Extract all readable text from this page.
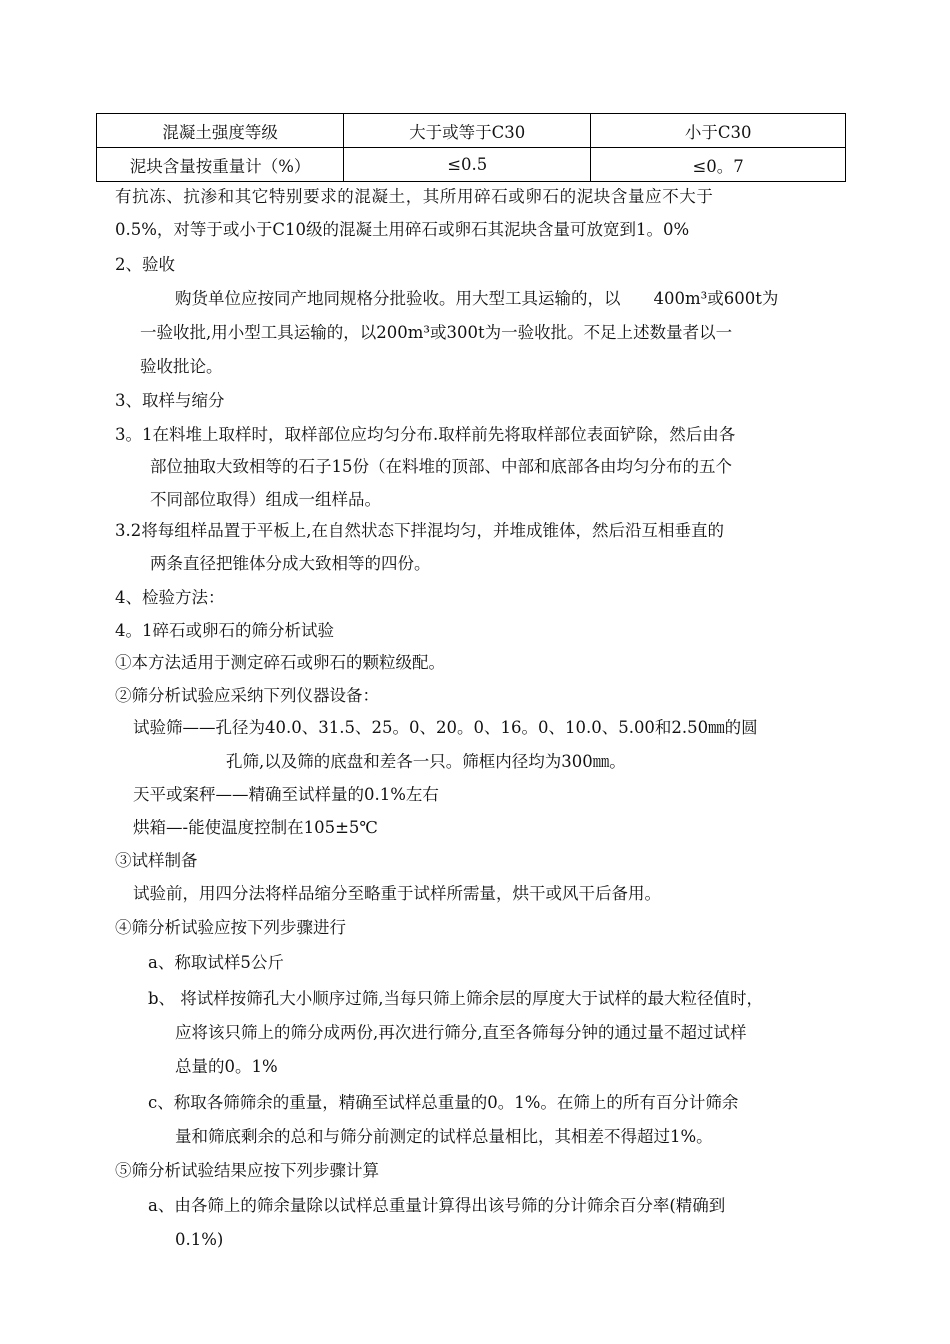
混凝土强度等级	大于或等于C30	小于C30
泥块含量按重量计（%）	≤0.5	≤0。7
有抗冻、抗渗和其它特别要求的混凝土，其所用碎石或卵石的泥块含量应不大于
0.5%，对等于或小于C10级的混凝土用碎石或卵石其泥块含量可放宽到1。0%
2、验收
购货单位应按同产地同规格分批验收。用大型工具运输的，以　　400m³或600t为
一验收批,用小型工具运输的，以200m³或300t为一验收批。不足上述数量者以一
验收批论。
3、取样与缩分
3。1在料堆上取样时，取样部位应均匀分布.取样前先将取样部位表面铲除，然后由各
部位抽取大致相等的石子15份（在料堆的顶部、中部和底部各由均匀分布的五个
不同部位取得）组成一组样品。
3.2将每组样品置于平板上,在自然状态下拌混均匀，并堆成锥体，然后沿互相垂直的
两条直径把锥体分成大致相等的四份。
4、检验方法：
4。1碎石或卵石的筛分析试验
①本方法适用于测定碎石或卵石的颗粒级配。
②筛分析试验应采纳下列仪器设备：
试验筛——孔径为40.0、31.5、25。0、20。0、16。0、10.0、5.00和2.50㎜的圆
孔筛,以及筛的底盘和差各一只。筛框内径均为300㎜。
天平或案秤——精确至试样量的0.1%左右
烘箱—-能使温度控制在105±5℃
③试样制备
试验前，用四分法将样品缩分至略重于试样所需量，烘干或风干后备用。
④筛分析试验应按下列步骤进行
a、称取试样5公斤
b、 将试样按筛孔大小顺序过筛,当每只筛上筛余层的厚度大于试样的最大粒径值时，
应将该只筛上的筛分成两份,再次进行筛分,直至各筛每分钟的通过量不超过试样
总量的0。1%
c、称取各筛筛余的重量，精确至试样总重量的0。1%。在筛上的所有百分计筛余
量和筛底剩余的总和与筛分前测定的试样总量相比，其相差不得超过1%。
⑤筛分析试验结果应按下列步骤计算
a、由各筛上的筛余量除以试样总重量计算得出该号筛的分计筛余百分率(精确到
0.1%)
